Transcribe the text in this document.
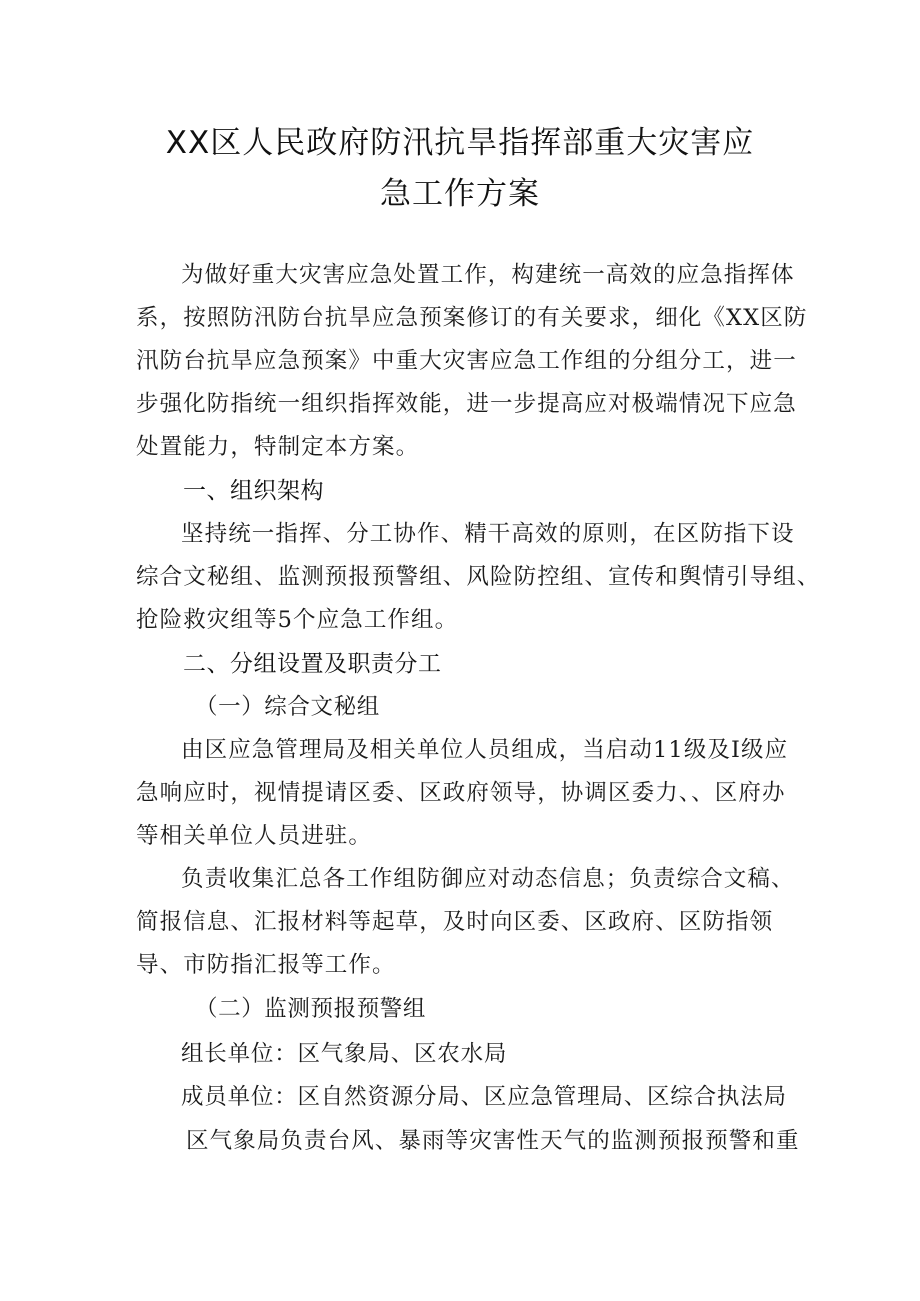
XX区人民政府防汛抗旱指挥部重大灾害应
急工作方案
为做好重大灾害应急处置工作，构建统一高效的应急指挥体
系，按照防汛防台抗旱应急预案修订的有关要求，细化《XX区防
汛防台抗旱应急预案》中重大灾害应急工作组的分组分工，进一
步强化防指统一组织指挥效能，进一步提高应对极端情况下应急
处置能力，特制定本方案。
一、组织架构
坚持统一指挥、分工协作、精干高效的原则，在区防指下设
综合文秘组、监测预报预警组、风险防控组、宣传和舆情引导组、
抢险救灾组等5个应急工作组。
二、分组设置及职责分工
（一）综合文秘组
由区应急管理局及相关单位人员组成，当启动11级及I级应
急响应时，视情提请区委、区政府领导，协调区委力、、区府办
等相关单位人员进驻。
负责收集汇总各工作组防御应对动态信息；负责综合文稿、
简报信息、汇报材料等起草，及时向区委、区政府、区防指领
导、市防指汇报等工作。
（二）监测预报预警组
组长单位：区气象局、区农水局
成员单位：区自然资源分局、区应急管理局、区综合执法局
区气象局负责台风、暴雨等灾害性天气的监测预报预警和重
